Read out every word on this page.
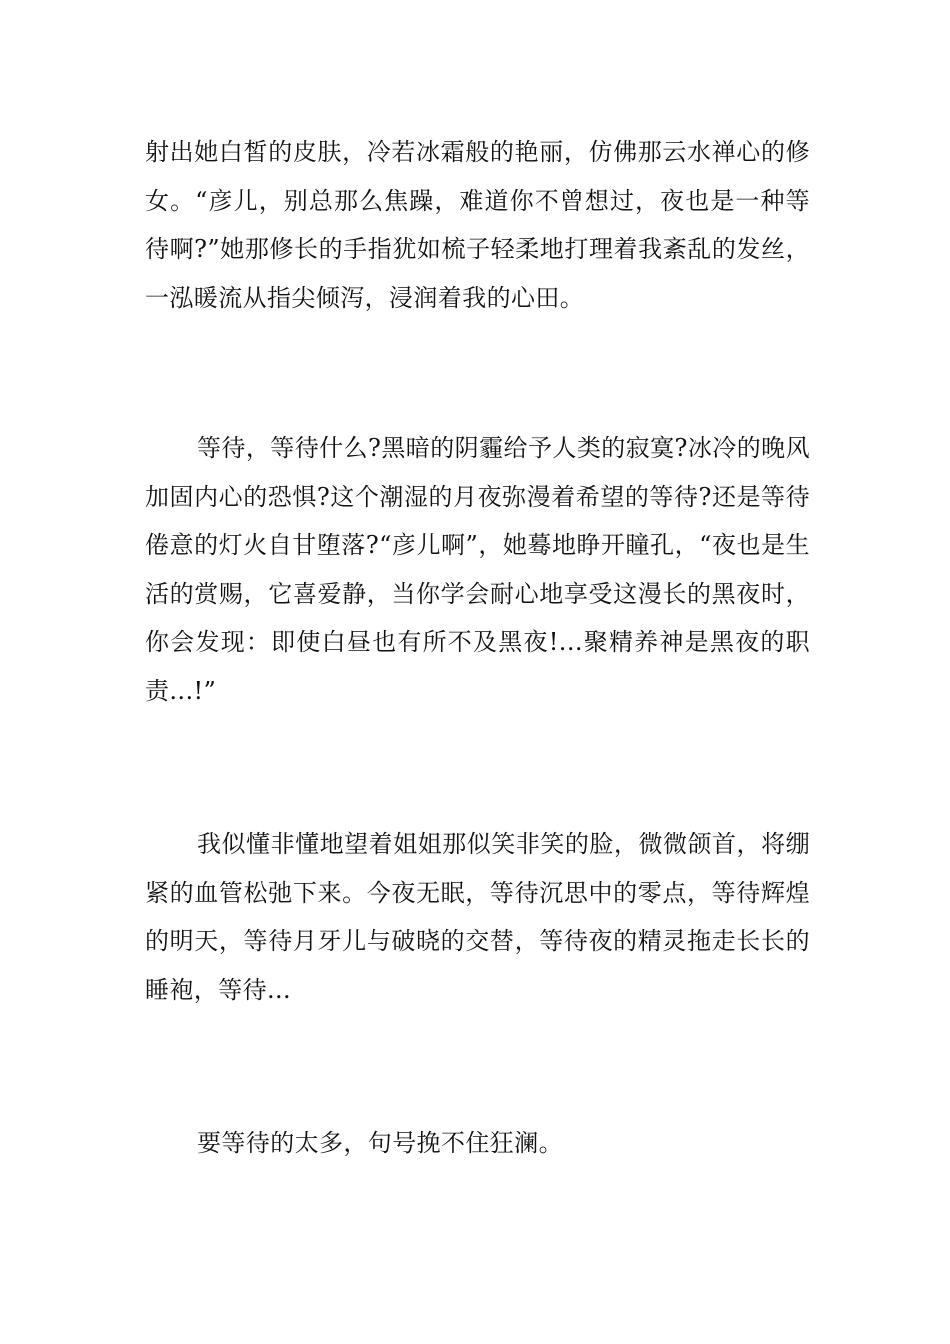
射出她白皙的皮肤，冷若冰霜般的艳丽，仿佛那云水禅心的修女。“彦儿，别总那么焦躁，难道你不曾想过，夜也是一种等待啊?”她那修长的手指犹如梳子轻柔地打理着我紊乱的发丝，一泓暖流从指尖倾泻，浸润着我的心田。

等待，等待什么?黑暗的阴霾给予人类的寂寞?冰冷的晚风加固内心的恐惧?这个潮湿的月夜弥漫着希望的等待?还是等待倦意的灯火自甘堕落?“彦儿啊”，她蓦地睁开瞳孔，“夜也是生活的赏赐，它喜爱静，当你学会耐心地享受这漫长的黑夜时，你会发现：即使白昼也有所不及黑夜!...聚精养神是黑夜的职责...!”

我似懂非懂地望着姐姐那似笑非笑的脸，微微颌首，将绷紧的血管松弛下来。今夜无眠，等待沉思中的零点，等待辉煌的明天，等待月牙儿与破晓的交替，等待夜的精灵拖走长长的睡袍，等待...

要等待的太多，句号挽不住狂澜。
